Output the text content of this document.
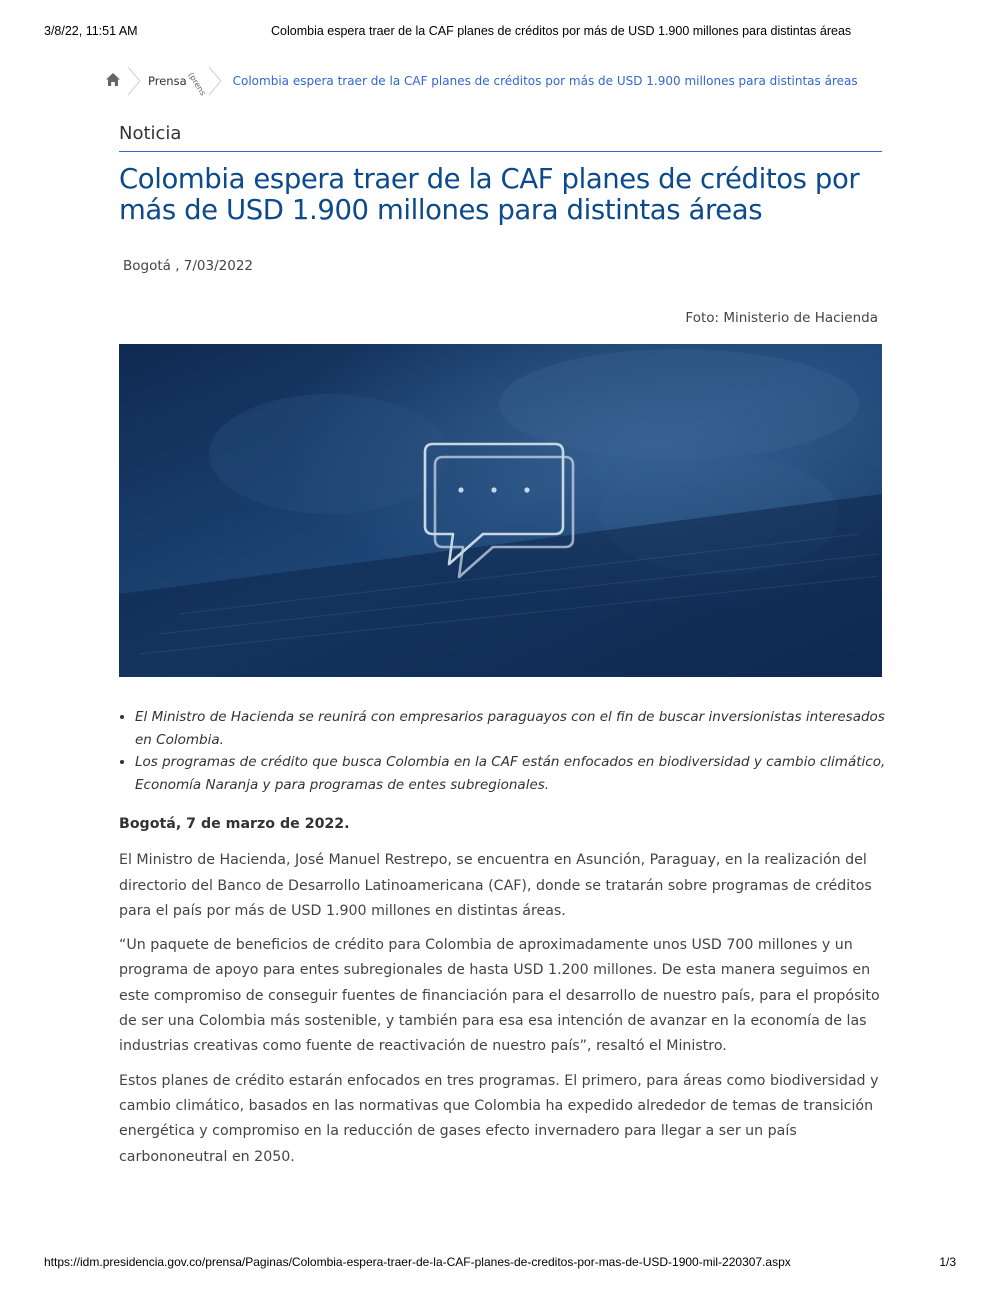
3/8/22, 11:51 AM	Colombia espera traer de la CAF planes de créditos por más de USD 1.900 millones para distintas áreas
Prensa (prens Colombia espera traer de la CAF planes de créditos por más de USD 1.900 millones para distintas áreas
Noticia
Colombia espera traer de la CAF planes de créditos por más de USD 1.900 millones para distintas áreas
Bogotá , 7/03/2022
Foto: Ministerio de Hacienda
• El Ministro de Hacienda se reunirá con empresarios paraguayos con el fin de buscar inversionistas interesados en Colombia.
• Los programas de crédito que busca Colombia en la CAF están enfocados en biodiversidad y cambio climático, Economía Naranja y para programas de entes subregionales.

Bogotá, 7 de marzo de 2022.

El Ministro de Hacienda, José Manuel Restrepo, se encuentra en Asunción, Paraguay, en la realización del directorio del Banco de Desarrollo Latinoamericana (CAF), donde se tratarán sobre programas de créditos para el país por más de USD 1.900 millones en distintas áreas.

“Un paquete de beneficios de crédito para Colombia de aproximadamente unos USD 700 millones y un programa de apoyo para entes subregionales de hasta USD 1.200 millones. De esta manera seguimos en este compromiso de conseguir fuentes de financiación para el desarrollo de nuestro país, para el propósito de ser una Colombia más sostenible, y también para esa esa intención de avanzar en la economía de las industrias creativas como fuente de reactivación de nuestro país”, resaltó el Ministro.

Estos planes de crédito estarán enfocados en tres programas. El primero, para áreas como biodiversidad y cambio climático, basados en las normativas que Colombia ha expedido alrededor de temas de transición energética y compromiso en la reducción de gases efecto invernadero para llegar a ser un país carbononeutral en 2050.

https://idm.presidencia.gov.co/prensa/Paginas/Colombia-espera-traer-de-la-CAF-planes-de-creditos-por-mas-de-USD-1900-mil-220307.aspx	1/3
